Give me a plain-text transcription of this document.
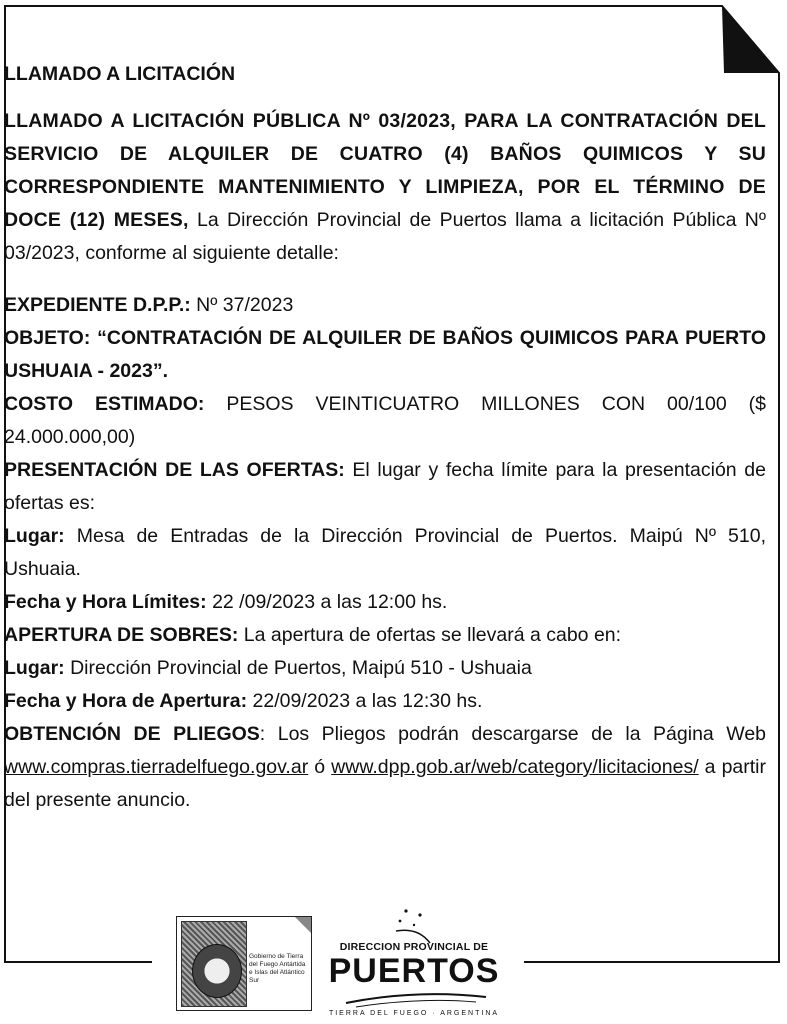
LLAMADO A LICITACIÓN

LLAMADO A LICITACIÓN PÚBLICA Nº 03/2023, PARA LA CONTRATACIÓN DEL SERVICIO DE ALQUILER DE CUATRO (4) BAÑOS QUIMICOS Y SU CORRESPONDIENTE MANTENIMIENTO Y LIMPIEZA, POR EL TÉRMINO DE DOCE (12) MESES, La Dirección Provincial de Puertos llama a licitación Pública Nº 03/2023, conforme al siguiente detalle:

EXPEDIENTE D.P.P.: Nº 37/2023

OBJETO: “CONTRATACIÓN DE ALQUILER DE BAÑOS QUIMICOS PARA PUERTO USHUAIA - 2023”.

COSTO ESTIMADO: PESOS VEINTICUATRO MILLONES CON 00/100 ($ 24.000.000,00)

PRESENTACIÓN DE LAS OFERTAS: El lugar y fecha límite para la presentación de ofertas es:

Lugar: Mesa de Entradas de la Dirección Provincial de Puertos. Maipú Nº 510, Ushuaia.

Fecha y Hora Límites: 22 /09/2023 a las 12:00 hs.

APERTURA DE SOBRES: La apertura de ofertas se llevará a cabo en:

Lugar: Dirección Provincial de Puertos, Maipú 510 - Ushuaia

Fecha y Hora de Apertura: 22/09/2023 a las 12:30 hs.

OBTENCIÓN DE PLIEGOS: Los Pliegos podrán descargarse de la Página Web www.compras.tierradelfuego.gov.ar ó www.dpp.gob.ar/web/category/licitaciones/ a partir del presente anuncio.

Gobierno de Tierra del Fuego Antártida e Islas del Atlántico Sur
DIRECCION PROVINCIAL DE
PUERTOS
TIERRA DEL FUEGO · ARGENTINA
